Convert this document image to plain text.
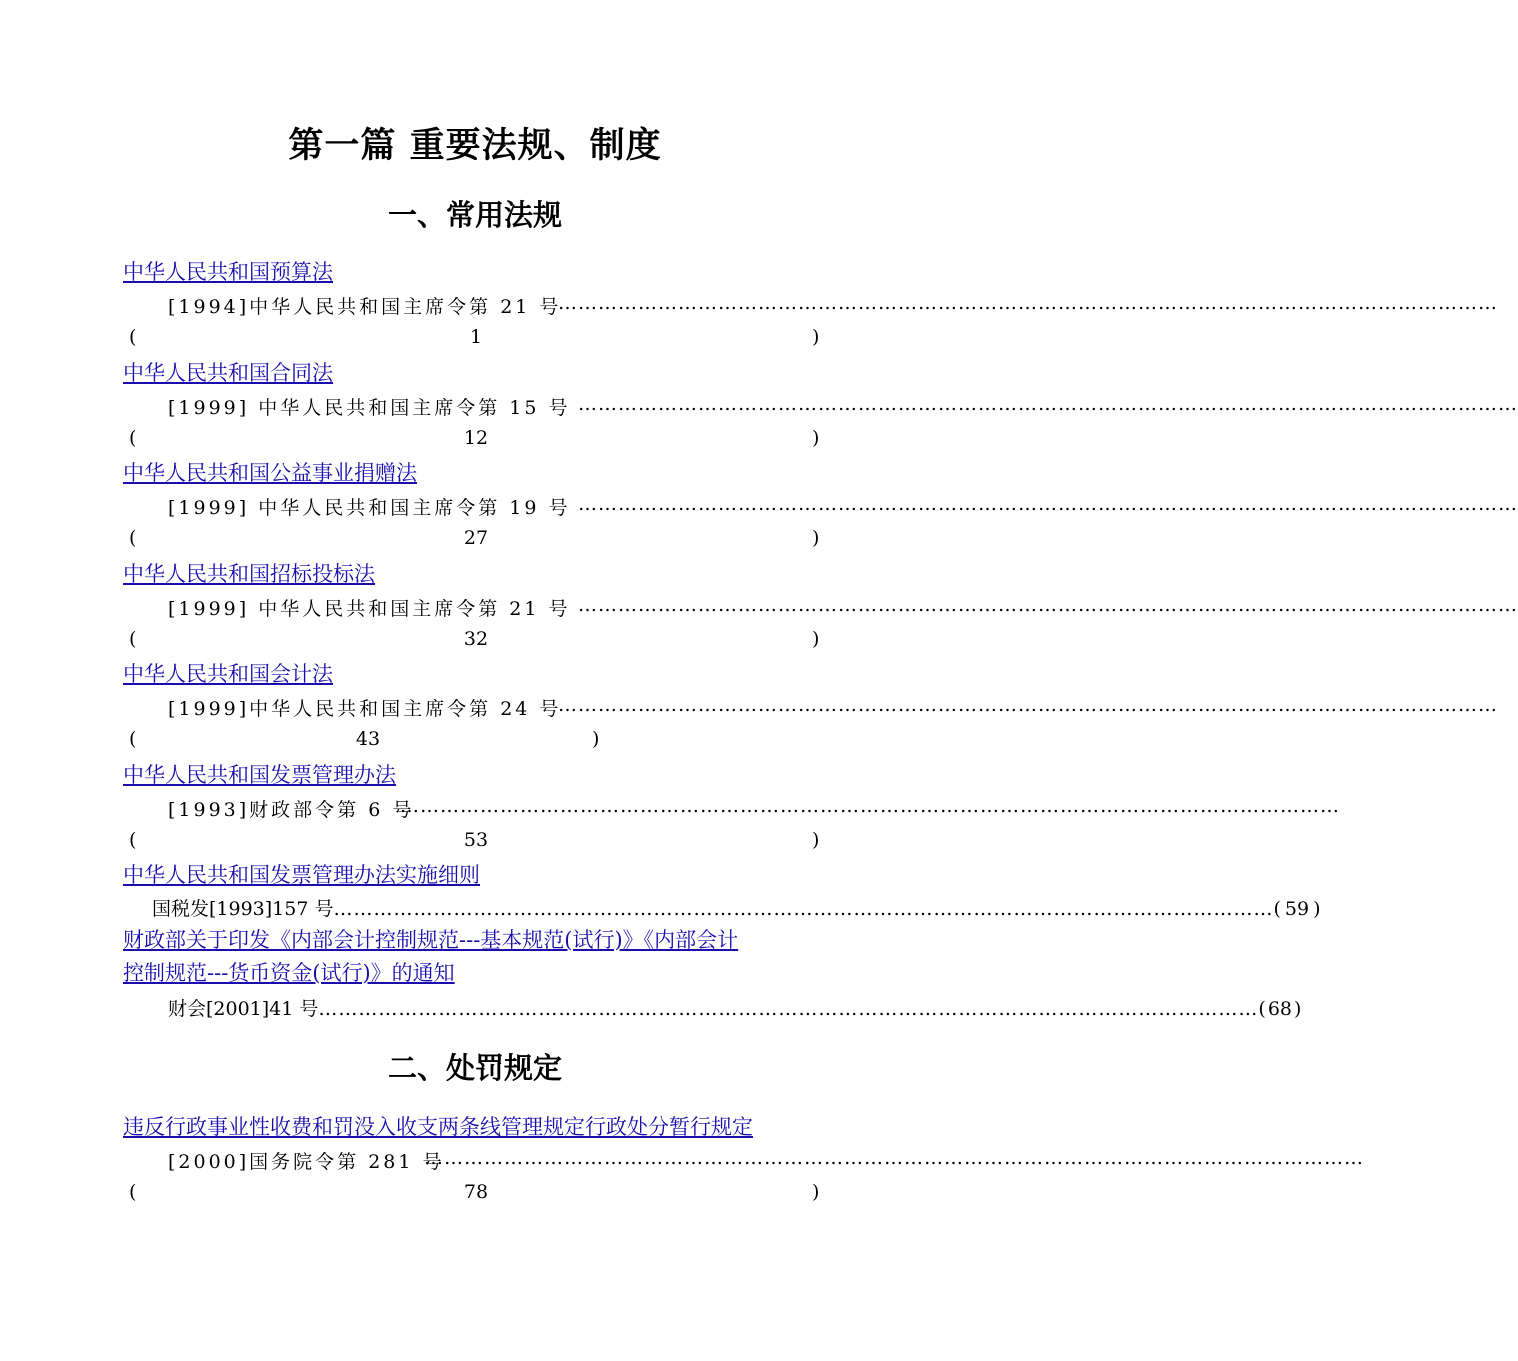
第一篇 重要法规、制度
一、常用法规
中华人民共和国预算法
[1994]中华人民共和国主席令第 21 号
……………………………………………………………………………………………………………………………
(	1	)
中华人民共和国合同法
[1999] 中华人民共和国主席令第 15 号 ……………………………………………………………………………………………………………………………
(	12	)
中华人民共和国公益事业捐赠法
[1999] 中华人民共和国主席令第 19 号 ……………………………………………………………………………………………………………………………
(	27	)
中华人民共和国招标投标法
[1999] 中华人民共和国主席令第 21 号 ……………………………………………………………………………………………………………………………
(	32	)
中华人民共和国会计法
[1999]中华人民共和国主席令第 24 号
……………………………………………………………………………………………………………………………
(	43	)
中华人民共和国发票管理办法
[1993]财政部令第 6 号
……………………………………………………………………………………………………………………………
(	53	)
中华人民共和国发票管理办法实施细则
国税发[1993]157 号 …………………………………………………………………………………………………………………………… ( 59 )
财政部关于印发《内部会计控制规范---基本规范(试行)》《内部会计
控制规范---货币资金(试行)》的通知
财会[2001]41 号 …………………………………………………………………………………………………………………………… ( 68 )
二、处罚规定
违反行政事业性收费和罚没入收支两条线管理规定行政处分暂行规定
[2000]国务院令第 281 号
……………………………………………………………………………………………………………………………
(	78	)
